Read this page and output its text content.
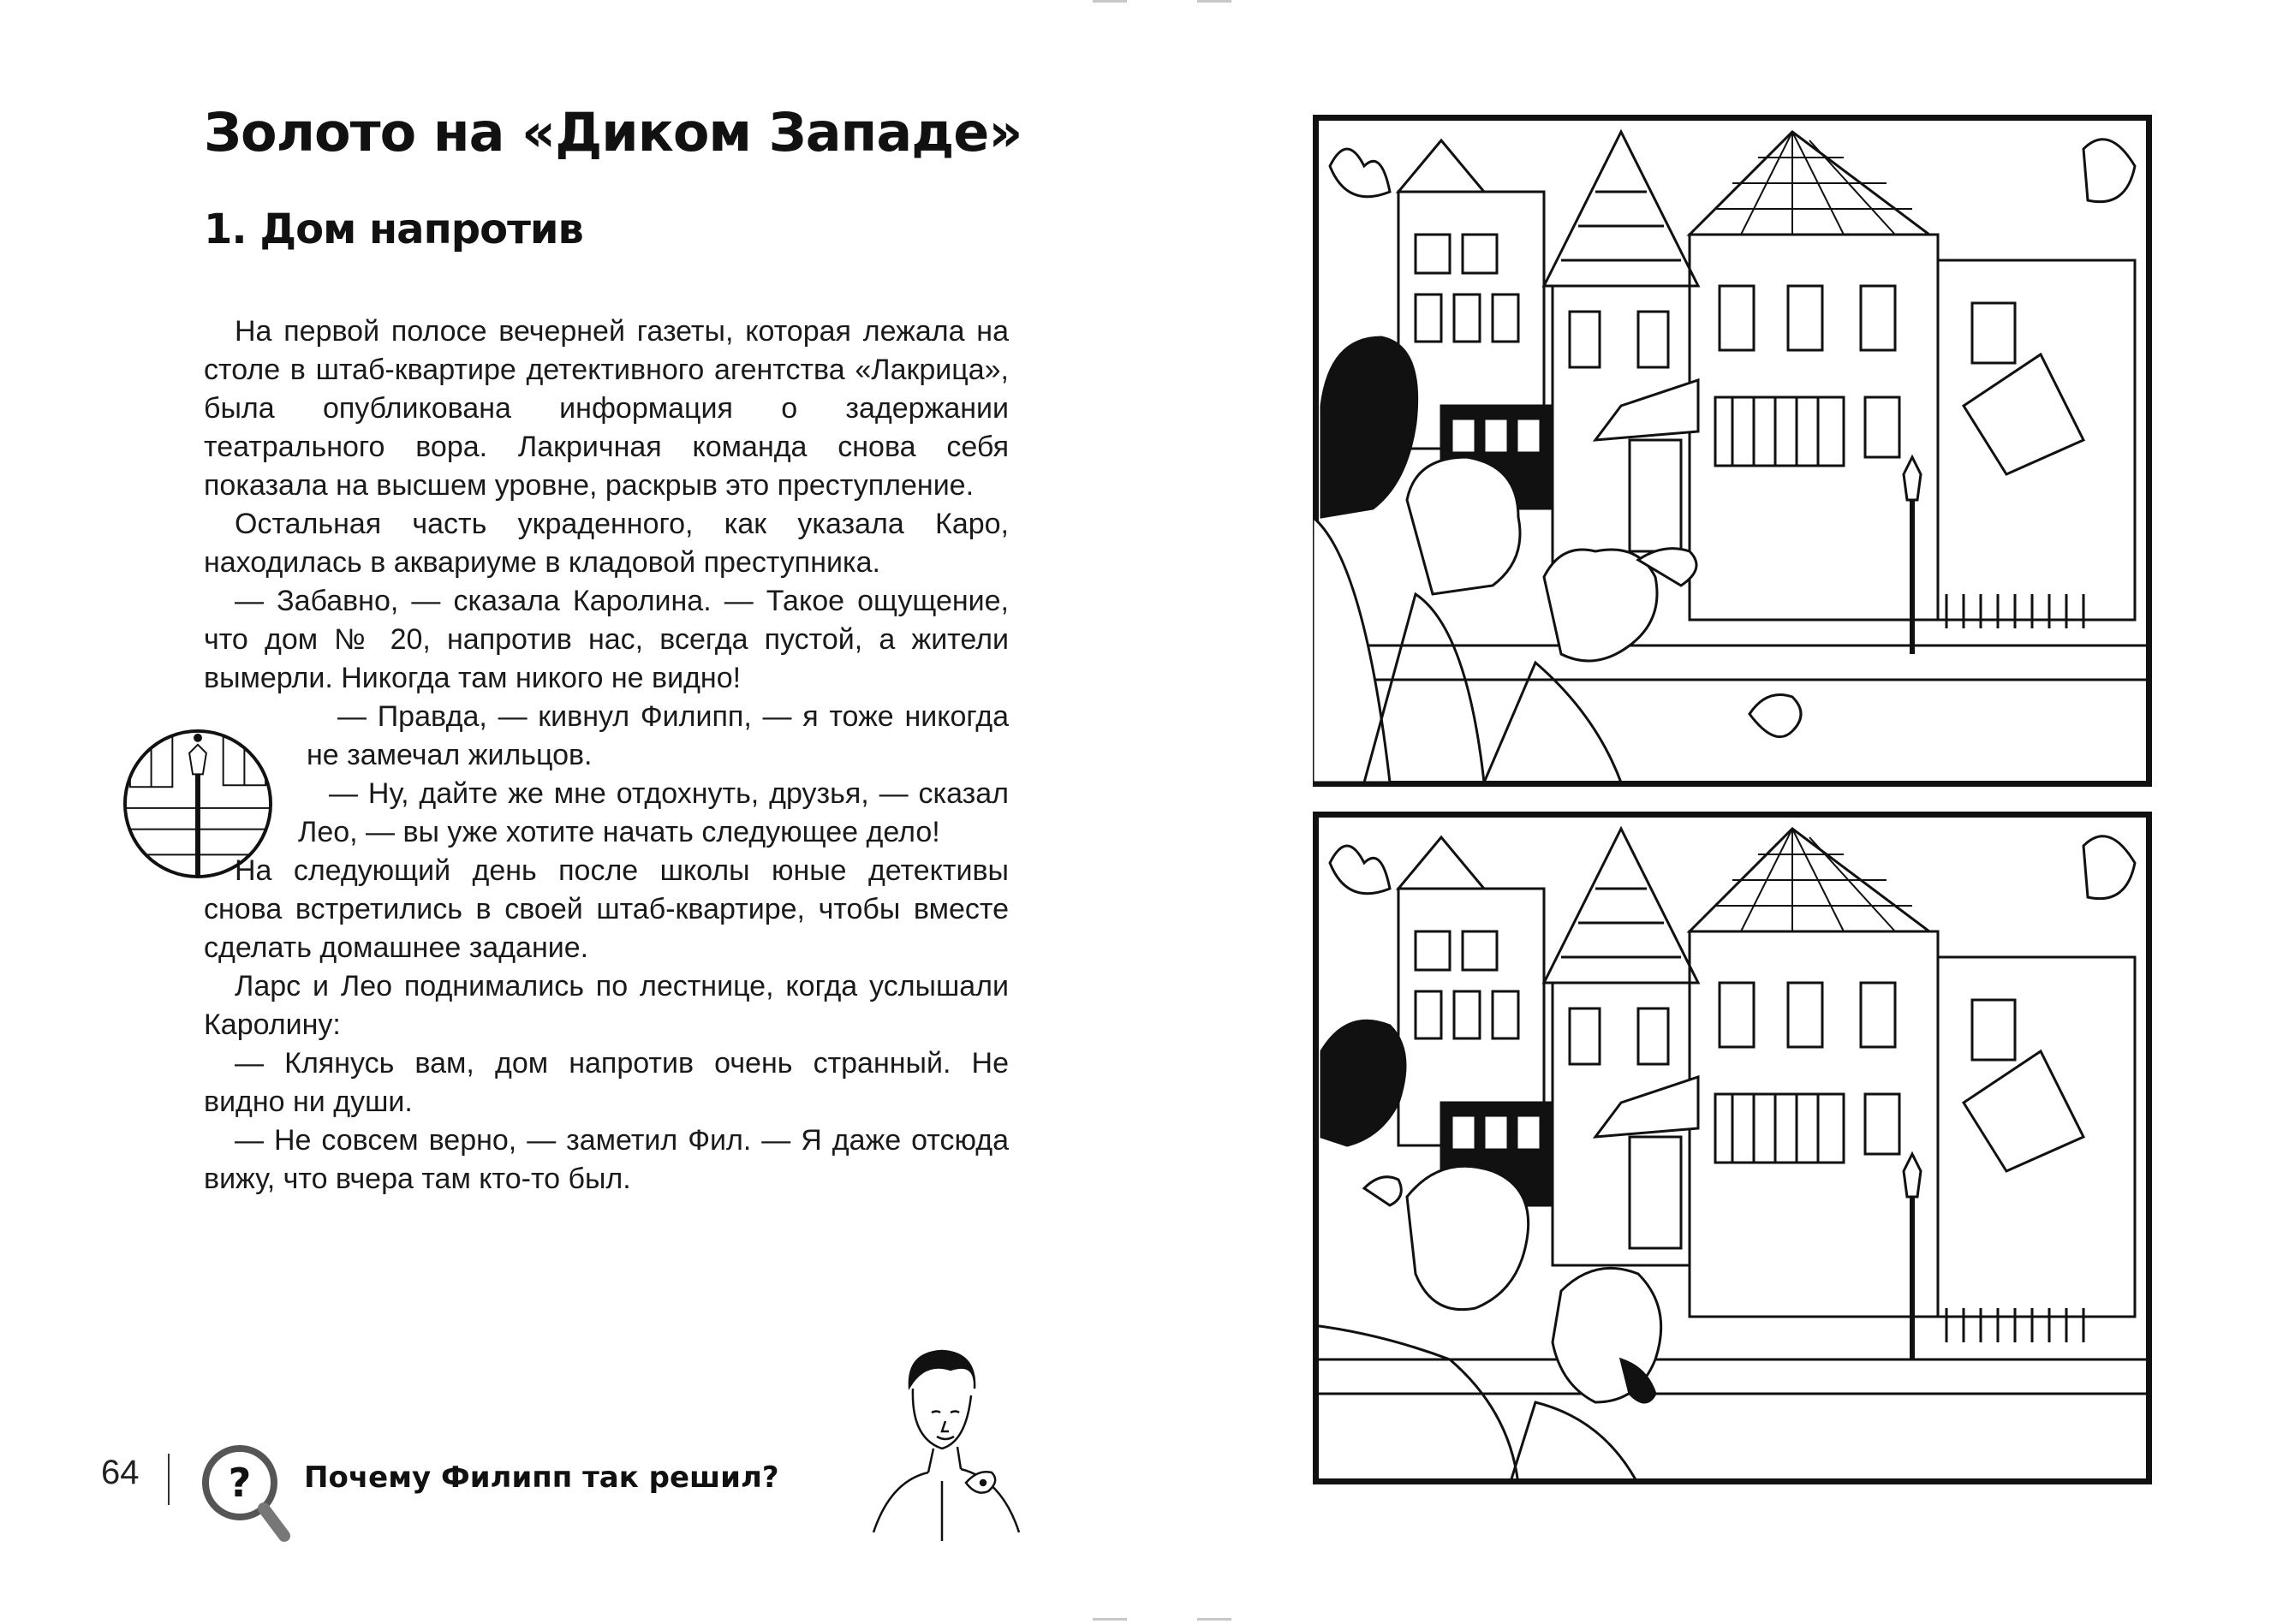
Золото на «Диком Западе»
1. Дом напротив

На первой полосе вечерней газеты, которая лежала на столе в штаб-квартире детективного агентства «Лакрица», была опубликована информация о задержании театрального вора. Лакричная команда снова себя показала на высшем уровне, раскрыв это преступление.

Остальная часть украденного, как указала Каро, находилась в аквариуме в кладовой преступника.

— Забавно, — сказала Каролина. — Такое ощущение, что дом № 20, напротив нас, всегда пустой, а жители вымерли. Никогда там никого не видно!

— Правда, — кивнул Филипп, — я тоже никогда не замечал жильцов.

— Ну, дайте же мне отдохнуть, друзья, — сказал Лео, — вы уже хотите начать следующее дело!

На следующий день после школы юные детективы снова встретились в своей штаб-квартире, чтобы вместе сделать домашнее задание.

Ларс и Лео поднимались по лестнице, когда услышали Каролину:

— Клянусь вам, дом напротив очень странный. Не видно ни души.

— Не совсем верно, — заметил Фил. — Я даже отсюда вижу, что вчера там кто-то был.

64 ? Почему Филипп так решил?
